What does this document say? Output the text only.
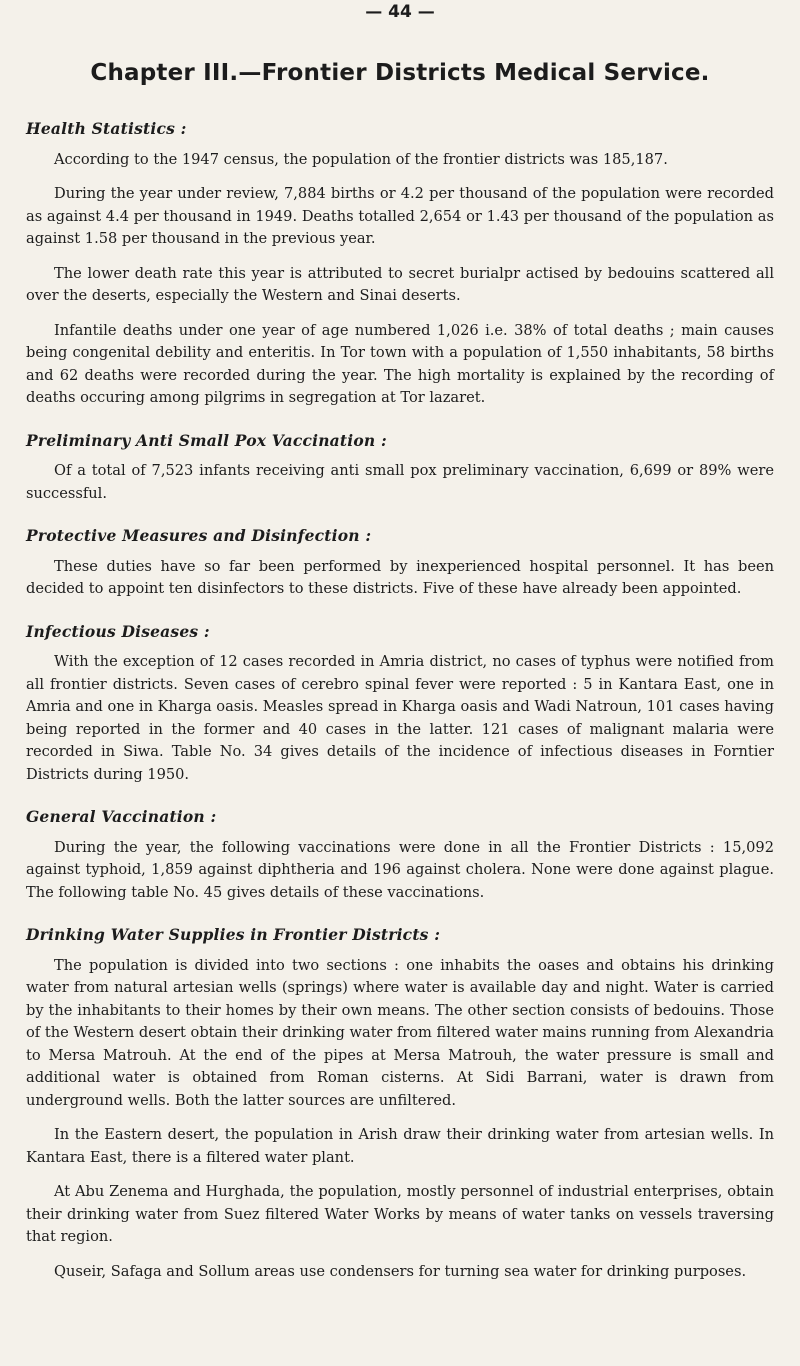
— 44 —
Chapter III.—Frontier Districts Medical Service.
Health Statistics :

According to the 1947 census, the population of the frontier districts was 185,187.

During the year under review, 7,884 births or 4.2 per thousand of the population were recorded as against 4.4 per thousand in 1949. Deaths totalled 2,654 or 1.43 per thousand of the population as against 1.58 per thousand in the previous year.

The lower death rate this year is attributed to secret burialpr actised by bedouins scattered all over the deserts, especially the Western and Sinai deserts.

Infantile deaths under one year of age numbered 1,026 i.e. 38% of total deaths ; main causes being congenital debility and enteritis. In Tor town with a population of 1,550 inhabitants, 58 births and 62 deaths were recorded during the year. The high mortality is explained by the recording of deaths occuring among pilgrims in segregation at Tor lazaret.

Preliminary Anti Small Pox Vaccination :

Of a total of 7,523 infants receiving anti small pox preliminary vaccination, 6,699 or 89% were successful.

Protective Measures and Disinfection :

These duties have so far been performed by inexperienced hospital personnel. It has been decided to appoint ten disinfectors to these districts. Five of these have already been appointed.

Infectious Diseases :

With the exception of 12 cases recorded in Amria district, no cases of typhus were notified from all frontier districts. Seven cases of cerebro spinal fever were reported : 5 in Kantara East, one in Amria and one in Kharga oasis. Measles spread in Kharga oasis and Wadi Natroun, 101 cases having being reported in the former and 40 cases in the latter. 121 cases of malignant malaria were recorded in Siwa. Table No. 34 gives details of the incidence of infectious diseases in Forntier Districts during 1950.

General Vaccination :

During the year, the following vaccinations were done in all the Frontier Districts : 15,092 against typhoid, 1,859 against diphtheria and 196 against cholera. None were done against plague. The following table No. 45 gives details of these vaccinations.

Drinking Water Supplies in Frontier Districts :

The population is divided into two sections : one inhabits the oases and obtains his drinking water from natural artesian wells (springs) where water is available day and night. Water is carried by the inhabitants to their homes by their own means. The other section consists of bedouins. Those of the Western desert obtain their drinking water from filtered water mains running from Alexandria to Mersa Matrouh. At the end of the pipes at Mersa Matrouh, the water pressure is small and additional water is obtained from Roman cisterns. At Sidi Barrani, water is drawn from underground wells. Both the latter sources are unfiltered.

In the Eastern desert, the population in Arish draw their drinking water from artesian wells. In Kantara East, there is a filtered water plant.

At Abu Zenema and Hurghada, the population, mostly personnel of industrial enterprises, obtain their drinking water from Suez filtered Water Works by means of water tanks on vessels traversing that region.

Quseir, Safaga and Sollum areas use condensers for turning sea water for drinking purposes.
